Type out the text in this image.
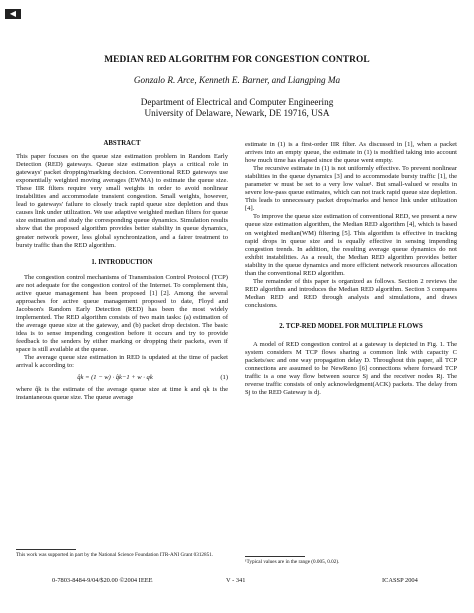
◀
MEDIAN RED ALGORITHM FOR CONGESTION CONTROL
Gonzalo R. Arce, Kenneth E. Barner, and Liangping Ma
Department of Electrical and Computer Engineering
University of Delaware, Newark, DE 19716, USA
ABSTRACT

This paper focuses on the queue size estimation problem in Random Early Detection (RED) gateways. Queue size estimation plays a critical role in gateways' packet dropping/marking decision. Conventional RED gateways use exponentially weighted moving averages (EWMA) to estimate the queue size. These IIR filters require very small weights in order to avoid nonlinear instabilities and accommodate transient congestion. Small weights, however, lead to gateways' failure to closely track rapid queue size depletion and thus causes link under utilization. We use adaptive weighted median filters for queue size estimation and study the corresponding queue dynamics. Simulation results show that the proposed algorithm provides better stability in queue dynamics, greater network power, less global synchronization, and a fairer treatment to bursty traffic than the RED algorithm.

1. INTRODUCTION

The congestion control mechanisms of Transmission Control Protocol (TCP) are not adequate for the congestion control of the Internet. To complement this, active queue management has been proposed [1] [2]. Among the several approaches for active queue management proposed to date, Floyd and Jacobson's Random Early Detection (RED) has been the most widely implemented. The RED algorithm consists of two main tasks: (a) estimation of the average queue size at the gateway, and (b) packet drop decision. The basic idea is to sense impending congestion before it occurs and try to provide feedback to the senders by either marking or dropping their packets, even if space is still available at the queue.

The average queue size estimation in RED is updated at the time of packet arrival k according to:

q̂k = (1 − w) · q̂k−1 + w · qk	(1)

where q̂k is the estimate of the average queue size at time k and qk is the instantaneous queue size. The queue average

This work was supported in part by the National Science Foundation ITR-ANI Grant 0312851.

estimate in (1) is a first-order IIR filter. As discussed in [1], when a packet arrives into an empty queue, the estimate in (1) is modified taking into account how much time has elapsed since the queue went empty.

The recursive estimate in (1) is not uniformly effective. To prevent nonlinear stabilities in the queue dynamics [3] and to accommodate bursty traffic [1], the parameter w must be set to a very low value¹. But small-valued w results in severe low-pass queue estimates, which can not track rapid queue size depletion. This leads to unnecessary packet drops/marks and hence link under utilization [4].

To improve the queue size estimation of conventional RED, we present a new queue size estimation algorithm, the Median RED algorithm [4], which is based on weighted median(WM) filtering [5]. This algorithm is effective in tracking rapid drops in queue size and is equally effective in sensing impending congestion trends. In addition, the resulting average queue dynamics do not exhibit instabilities. As a result, the Median RED algorithm provides better stability in the queue dynamics and more efficient network resources allocation than the conventional RED algorithm.

The remainder of this paper is organized as follows. Section 2 reviews the RED algorithm and introduces the Median RED algorithm. Section 3 compares Median RED and RED through analysis and simulations, and draws conclusions.

2. TCP-RED MODEL FOR MULTIPLE FLOWS

A model of RED congestion control at a gateway is depicted in Fig. 1. The system considers M TCP flows sharing a common link with capacity C packets/sec and one way propagation delay D. Throughout this paper, all TCP connections are assumed to be NewReno [6] connections where forward TCP traffic is a one way flow between source Sj and the receiver nodes Rj. The reverse traffic consists of only acknowledgment(ACK) packets. The delay from Sj to the RED Gateway is dj.

¹Typical values are in the range (0.005, 0.02).
0-7803-8484-9/04/$20.00 ©2004 IEEE	V - 341	ICASSP 2004
